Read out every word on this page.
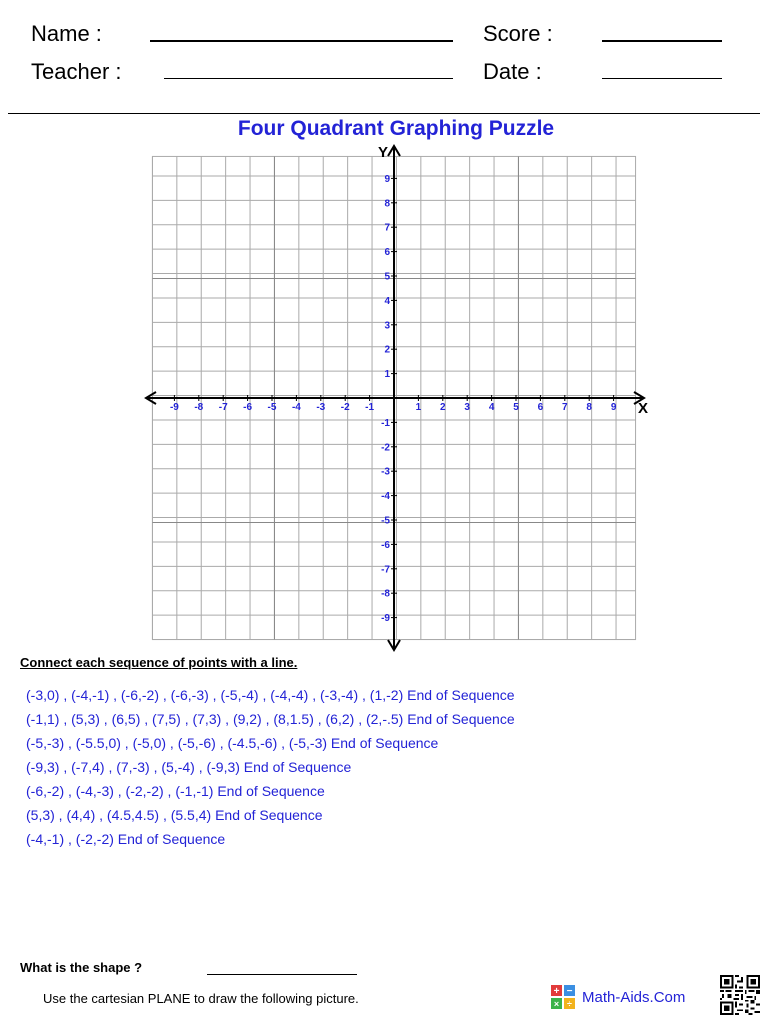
Name :
Teacher :
Score :
Date :
Four Quadrant Graphing Puzzle
-9 -8 -7 -6 -5 -4 -3 -2 -1	1 2 3 4 5 6 7 8 9
9
8
7
6
5
4
3
2
1
-1
-2
-3
-4
-5
-6
-7
-8
-9
X
Y
Connect each sequence of points with a line.
(-3,0) , (-4,-1) , (-6,-2) , (-6,-3) , (-5,-4) , (-4,-4) , (-3,-4) , (1,-2) End of Sequence
(-1,1) , (5,3) , (6,5) , (7,5) , (7,3) , (9,2) , (8,1.5) , (6,2) , (2,-.5) End of Sequence
(-5,-3) , (-5.5,0) , (-5,0) , (-5,-6) , (-4.5,-6) , (-5,-3) End of Sequence
(-9,3) , (-7,4) , (7,-3) , (5,-4) , (-9,3) End of Sequence
(-6,-2) , (-4,-3) , (-2,-2) , (-1,-1) End of Sequence
(5,3) , (4,4) , (4.5,4.5) , (5.5,4) End of Sequence
(-4,-1) , (-2,-2) End of Sequence
What is the shape ?
Use the cartesian PLANE to draw the following picture.	+ −
× ÷ Math-Aids.Com
